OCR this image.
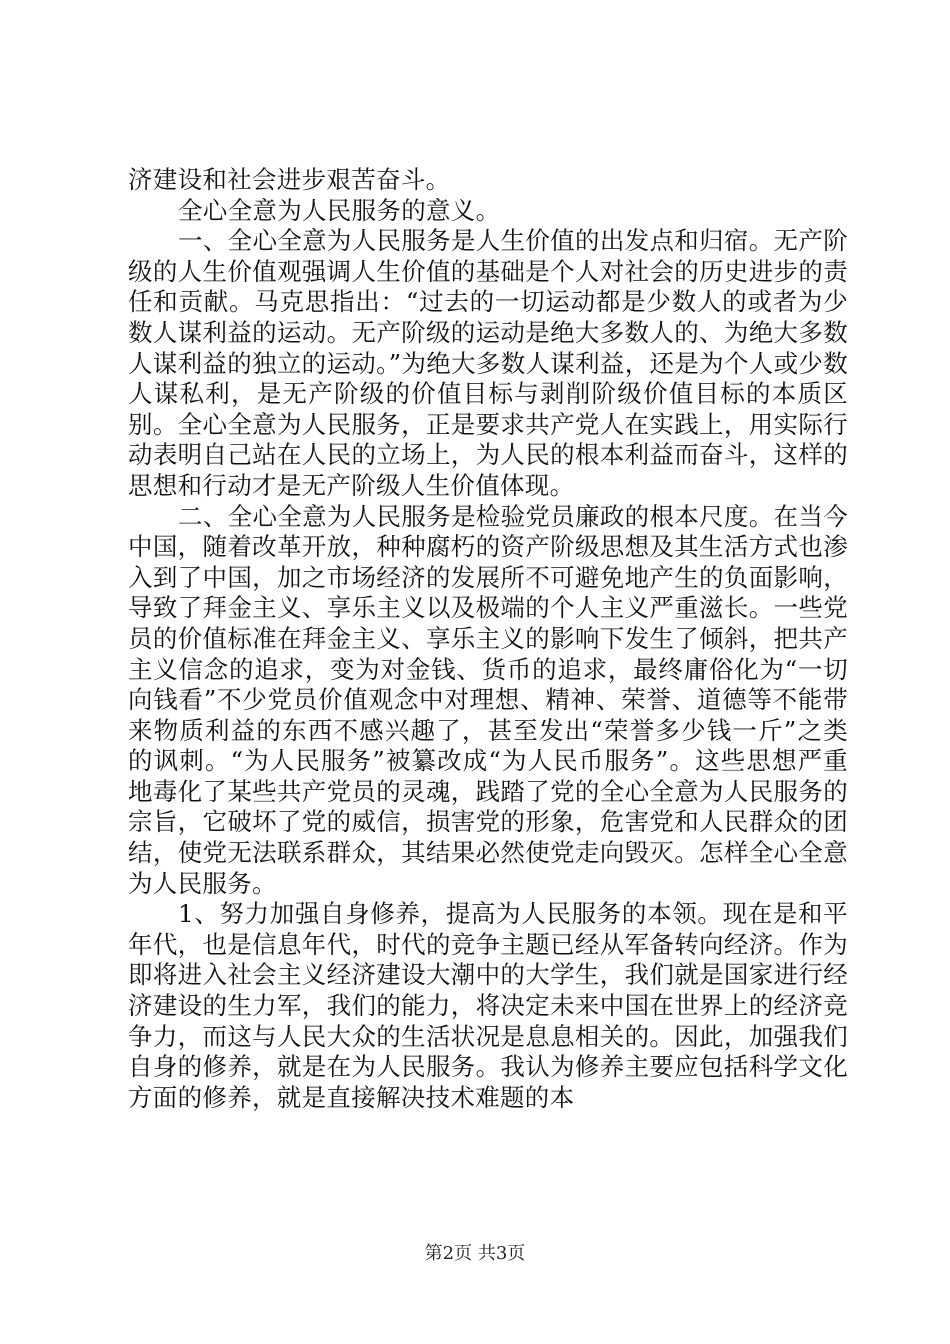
济建设和社会进步艰苦奋斗。

全心全意为人民服务的意义。

一、全心全意为人民服务是人生价值的出发点和归宿。无产阶级的人生价值观强调人生价值的基础是个人对社会的历史进步的责任和贡献。马克思指出：“过去的一切运动都是少数人的或者为少数人谋利益的运动。无产阶级的运动是绝大多数人的、为绝大多数人谋利益的独立的运动。”为绝大多数人谋利益，还是为个人或少数人谋私利，是无产阶级的价值目标与剥削阶级价值目标的本质区别。全心全意为人民服务，正是要求共产党人在实践上，用实际行动表明自己站在人民的立场上，为人民的根本利益而奋斗，这样的思想和行动才是无产阶级人生价值体现。

二、全心全意为人民服务是检验党员廉政的根本尺度。在当今中国，随着改革开放，种种腐朽的资产阶级思想及其生活方式也渗入到了中国，加之市场经济的发展所不可避免地产生的负面影响，导致了拜金主义、享乐主义以及极端的个人主义严重滋长。一些党员的价值标准在拜金主义、享乐主义的影响下发生了倾斜，把共产主义信念的追求，变为对金钱、货币的追求，最终庸俗化为“一切向钱看”不少党员价值观念中对理想、精神、荣誉、道德等不能带来物质利益的东西不感兴趣了，甚至发出“荣誉多少钱一斤”之类的讽刺。“为人民服务”被纂改成“为人民币服务”。这些思想严重地毒化了某些共产党员的灵魂，践踏了党的全心全意为人民服务的宗旨，它破坏了党的威信，损害党的形象，危害党和人民群众的团结，使党无法联系群众，其结果必然使党走向毁灭。怎样全心全意为人民服务。

1、努力加强自身修养，提高为人民服务的本领。现在是和平年代，也是信息年代，时代的竞争主题已经从军备转向经济。作为即将进入社会主义经济建设大潮中的大学生，我们就是国家进行经济建设的生力军，我们的能力，将决定未来中国在世界上的经济竞争力，而这与人民大众的生活状况是息息相关的。因此，加强我们自身的修养，就是在为人民服务。我认为修养主要应包括科学文化方面的修养，就是直接解决技术难题的本

第2页 共3页
